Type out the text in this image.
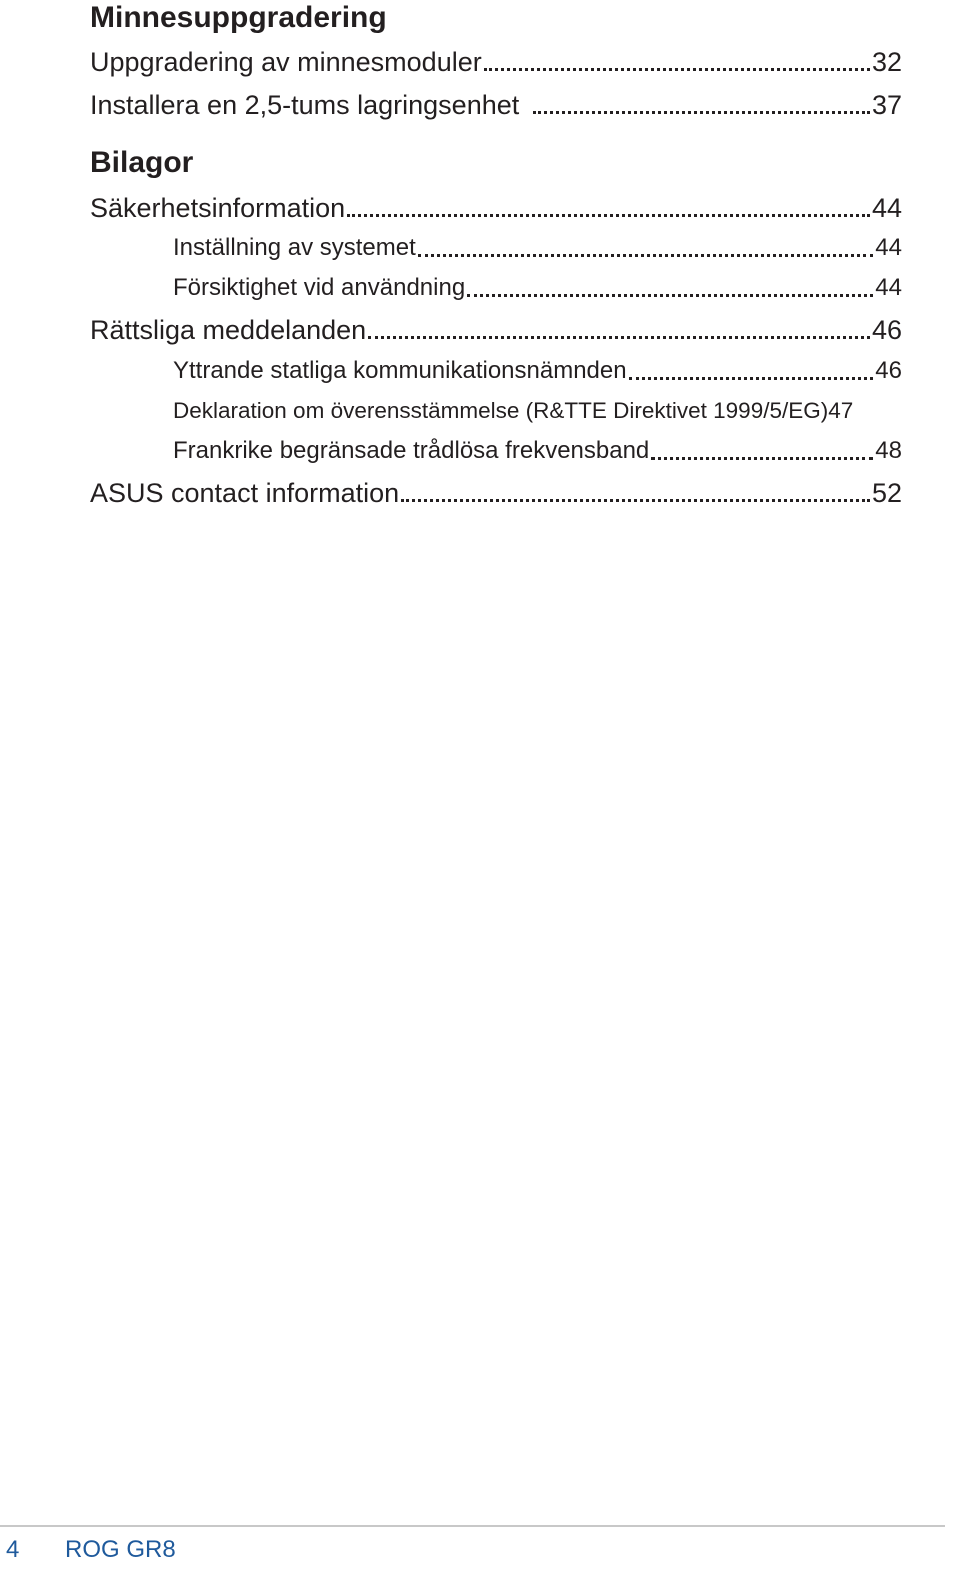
Minnesuppgradering
Uppgradering av minnesmoduler	32
Installera en 2,5-tums lagringsenhet	37
Bilagor
Säkerhetsinformation	44
Inställning av systemet	44
Försiktighet vid användning	44
Rättsliga meddelanden	46
Yttrande statliga kommunikationsnämnden	46
Deklaration om överensstämmelse (R&TTE Direktivet 1999/5/EG) 47
Frankrike begränsade trådlösa frekvensband	48
ASUS contact information	52
4 ROG GR8
